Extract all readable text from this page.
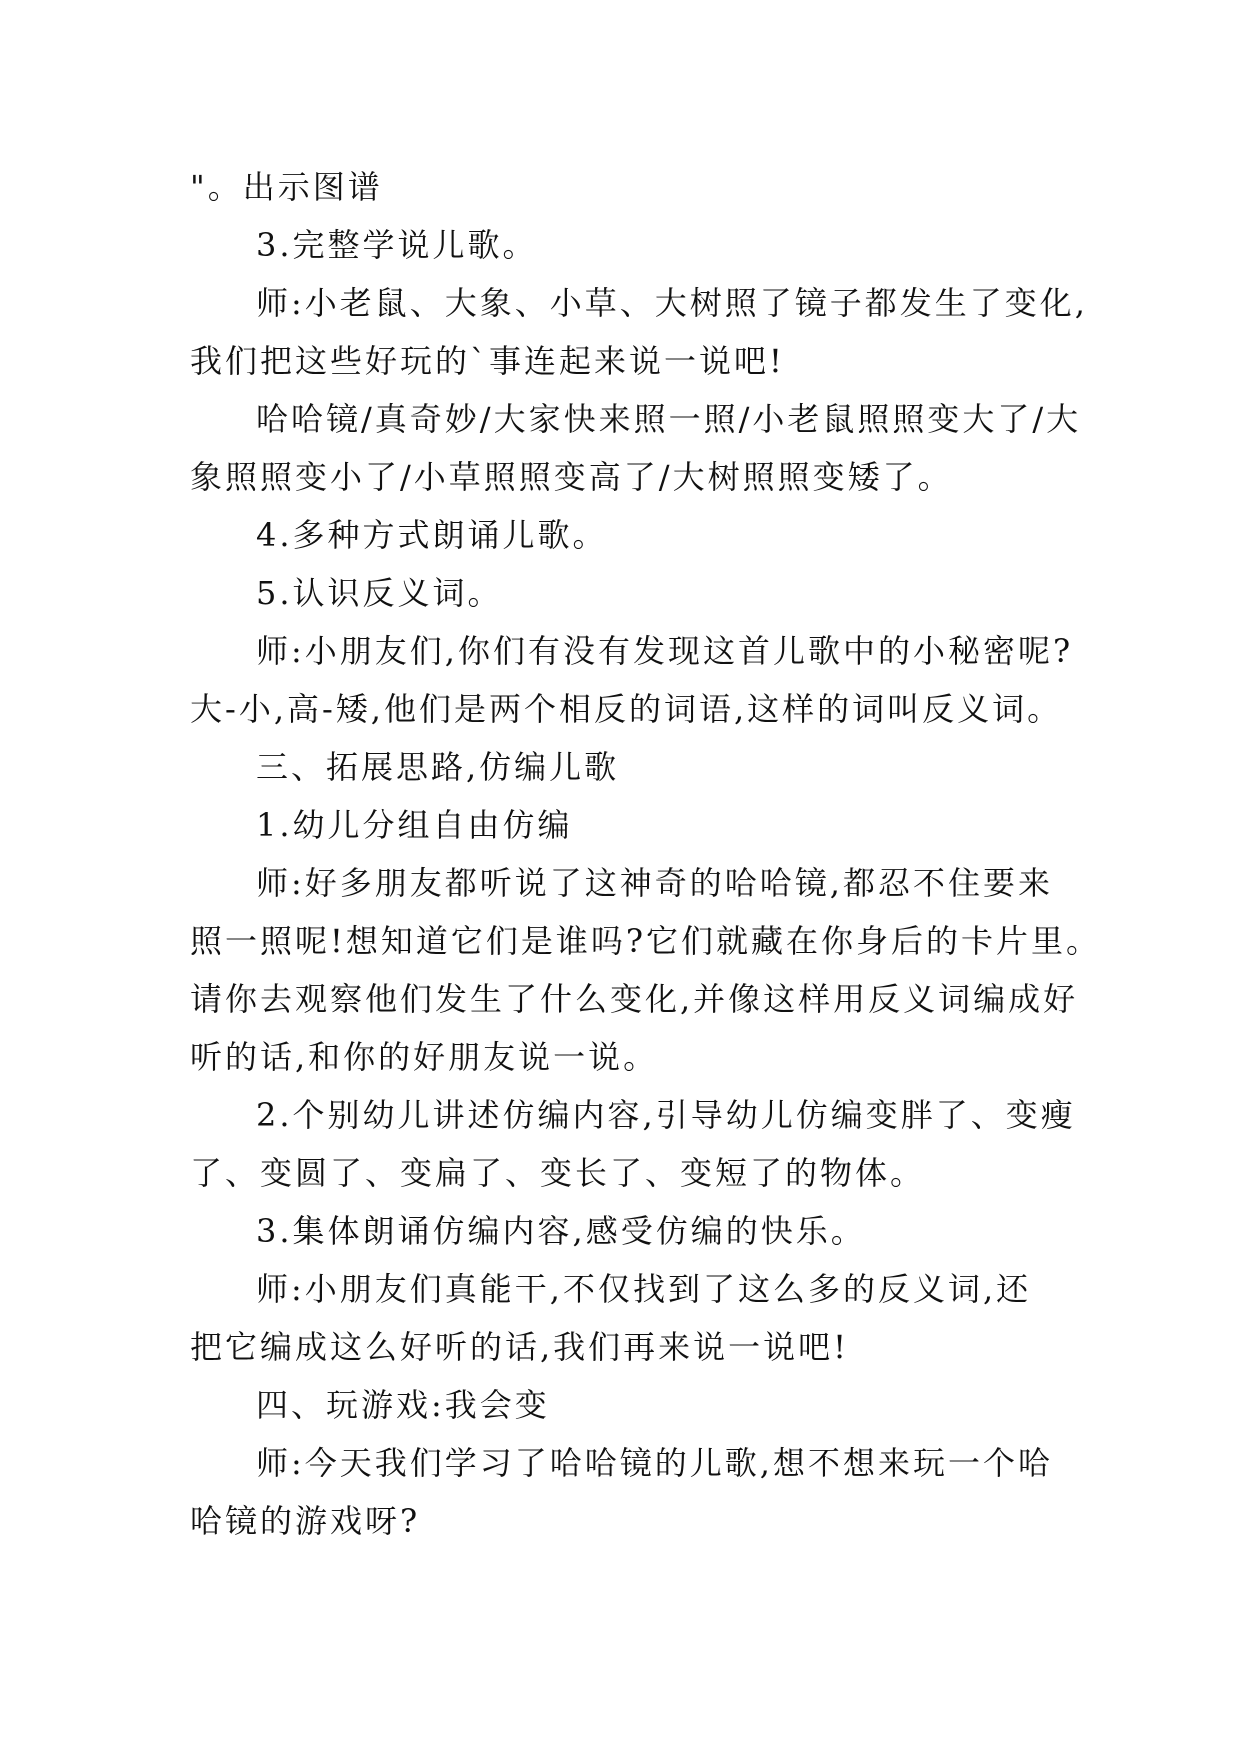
"。出示图谱

3.完整学说儿歌。

师:小老鼠、大象、小草、大树照了镜子都发生了变化,

我们把这些好玩的`事连起来说一说吧!

哈哈镜/真奇妙/大家快来照一照/小老鼠照照变大了/大

象照照变小了/小草照照变高了/大树照照变矮了。

4.多种方式朗诵儿歌。

5.认识反义词。

师:小朋友们,你们有没有发现这首儿歌中的小秘密呢?

大-小,高-矮,他们是两个相反的词语,这样的词叫反义词。

三、拓展思路,仿编儿歌

1.幼儿分组自由仿编

师:好多朋友都听说了这神奇的哈哈镜,都忍不住要来

照一照呢!想知道它们是谁吗?它们就藏在你身后的卡片里。

请你去观察他们发生了什么变化,并像这样用反义词编成好

听的话,和你的好朋友说一说。

2.个别幼儿讲述仿编内容,引导幼儿仿编变胖了、变瘦

了、变圆了、变扁了、变长了、变短了的物体。

3.集体朗诵仿编内容,感受仿编的快乐。

师:小朋友们真能干,不仅找到了这么多的反义词,还

把它编成这么好听的话,我们再来说一说吧!

四、玩游戏:我会变

师:今天我们学习了哈哈镜的儿歌,想不想来玩一个哈

哈镜的游戏呀?
